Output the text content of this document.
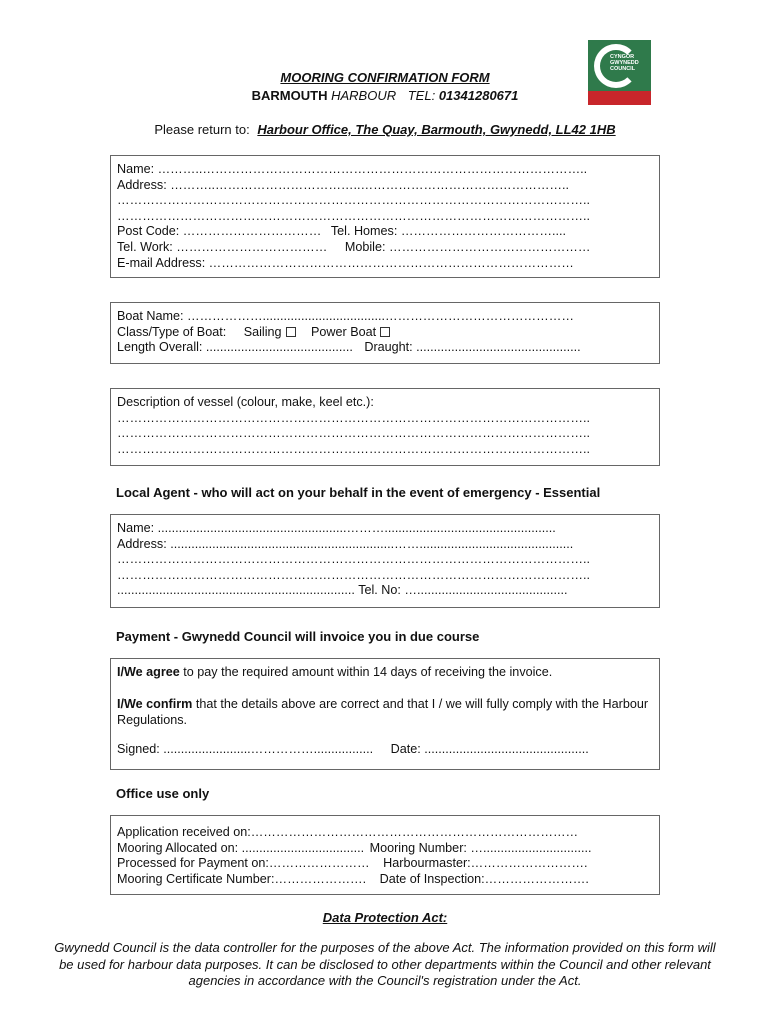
CYNGOR
GWYNEDD
COUNCIL
MOORING CONFIRMATION FORM
BARMOUTH HARBOUR TEL: 01341280671
Please return to: Harbour Office, The Quay, Barmouth, Gwynedd, LL42 1HB
Name: ………..………………………………………………………………………………..
Address: ………..……………………………..…………………………………………..
…………………………………………………………………………………………………..
…………………………………………………………………………………………………..
Post Code: …………………………… Tel. Homes: ………………………………....
Tel. Work: ……………………………… Mobile: …………………………………………
E-mail Address: ……………………………………………………………………………
Boat Name: ………………...................................………………………………………
Class/Type of Boat: Sailing Power Boat
Length Overall: .......................................... Draught: ...............................................
Description of vessel (colour, make, keel etc.):
…………………………………………………………………………………………………..
…………………………………………………………………………………………………..
…………………………………………………………………………………………………..
Local Agent - who will act on your behalf in the event of emergency - Essential
Name: ......................................................……….................................................
Address: ................................................................……............................................
…………………………………………………………………………………………………..
…………………………………………………………………………………………………..
.................................................................... Tel. No: …...........................................
Payment - Gwynedd Council will invoice you in due course
I/We agree to pay the required amount within 14 days of receiving the invoice.
I/We confirm that the details above are correct and that I / we will fully comply with the Harbour Regulations.
Signed: .........................……………................. Date: ...............................................
Office use only
Application received on:……………………………………………………………………
Mooring Allocated on: ................................... Mooring Number: …...............................
Processed for Payment on:…………………… Harbourmaster:……………………….
Mooring Certificate Number:…………………. Date of Inspection:…………………….
Data Protection Act:
Gwynedd Council is the data controller for the purposes of the above Act. The information provided on this form will be used for harbour data purposes. It can be disclosed to other departments within the Council and other relevant agencies in accordance with the Council's registration under the Act.
